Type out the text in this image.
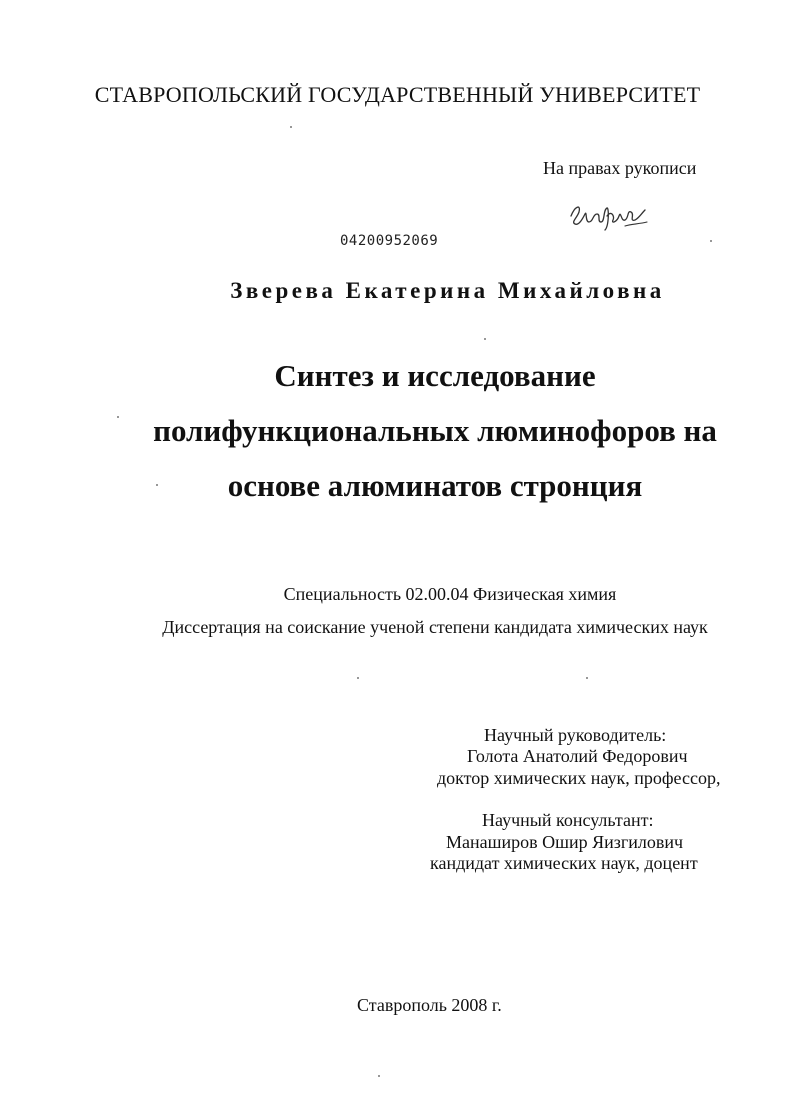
СТАВРОПОЛЬСКИЙ ГОСУДАРСТВЕННЫЙ УНИВЕРСИТЕТ
На правах рукописи
04200952069
Зверева Екатерина Михайловна
Синтез и исследование
полифункциональных люминофоров на
основе алюминатов стронция
Специальность 02.00.04 Физическая химия
Диссертация на соискание ученой степени кандидата химических наук
Научный руководитель:
Голота Анатолий Федорович
доктор химических наук, профессор,
Научный консультант:
Манаширов Ошир Яизгилович
кандидат химических наук, доцент
Ставрополь 2008 г.
